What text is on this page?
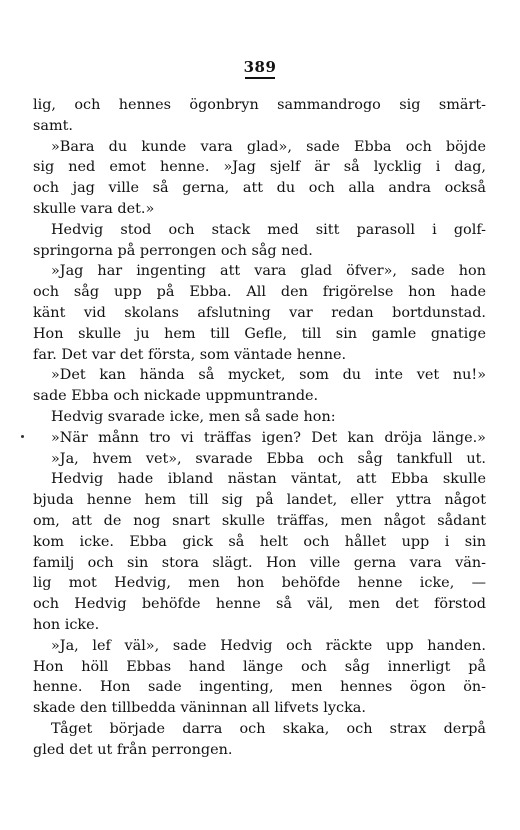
389
lig, och hennes ögonbryn sammandrogo sig smärt-
samt.
»Bara du kunde vara glad», sade Ebba och böjde
sig ned emot henne. »Jag sjelf är så lycklig i dag,
och jag ville så gerna, att du och alla andra också
skulle vara det.»
Hedvig stod och stack med sitt parasoll i golf-
springorna på perrongen och såg ned.
»Jag har ingenting att vara glad öfver», sade hon
och såg upp på Ebba. All den frigörelse hon hade
känt vid skolans afslutning var redan bortdunstad.
Hon skulle ju hem till Gefle, till sin gamle gnatige
far. Det var det första, som väntade henne.
»Det kan hända så mycket, som du inte vet nu!»
sade Ebba och nickade uppmuntrande.
Hedvig svarade icke, men så sade hon:
»När månn tro vi träffas igen? Det kan dröja länge.»
»Ja, hvem vet», svarade Ebba och såg tankfull ut.
Hedvig hade ibland nästan väntat, att Ebba skulle
bjuda henne hem till sig på landet, eller yttra något
om, att de nog snart skulle träffas, men något sådant
kom icke. Ebba gick så helt och hållet upp i sin
familj och sin stora slägt. Hon ville gerna vara vän-
lig mot Hedvig, men hon behöfde henne icke, —
och Hedvig behöfde henne så väl, men det förstod
hon icke.
»Ja, lef väl», sade Hedvig och räckte upp handen.
Hon höll Ebbas hand länge och såg innerligt på
henne. Hon sade ingenting, men hennes ögon ön-
skade den tillbedda väninnan all lifvets lycka.
Tåget började darra och skaka, och strax derpå
gled det ut från perrongen.
